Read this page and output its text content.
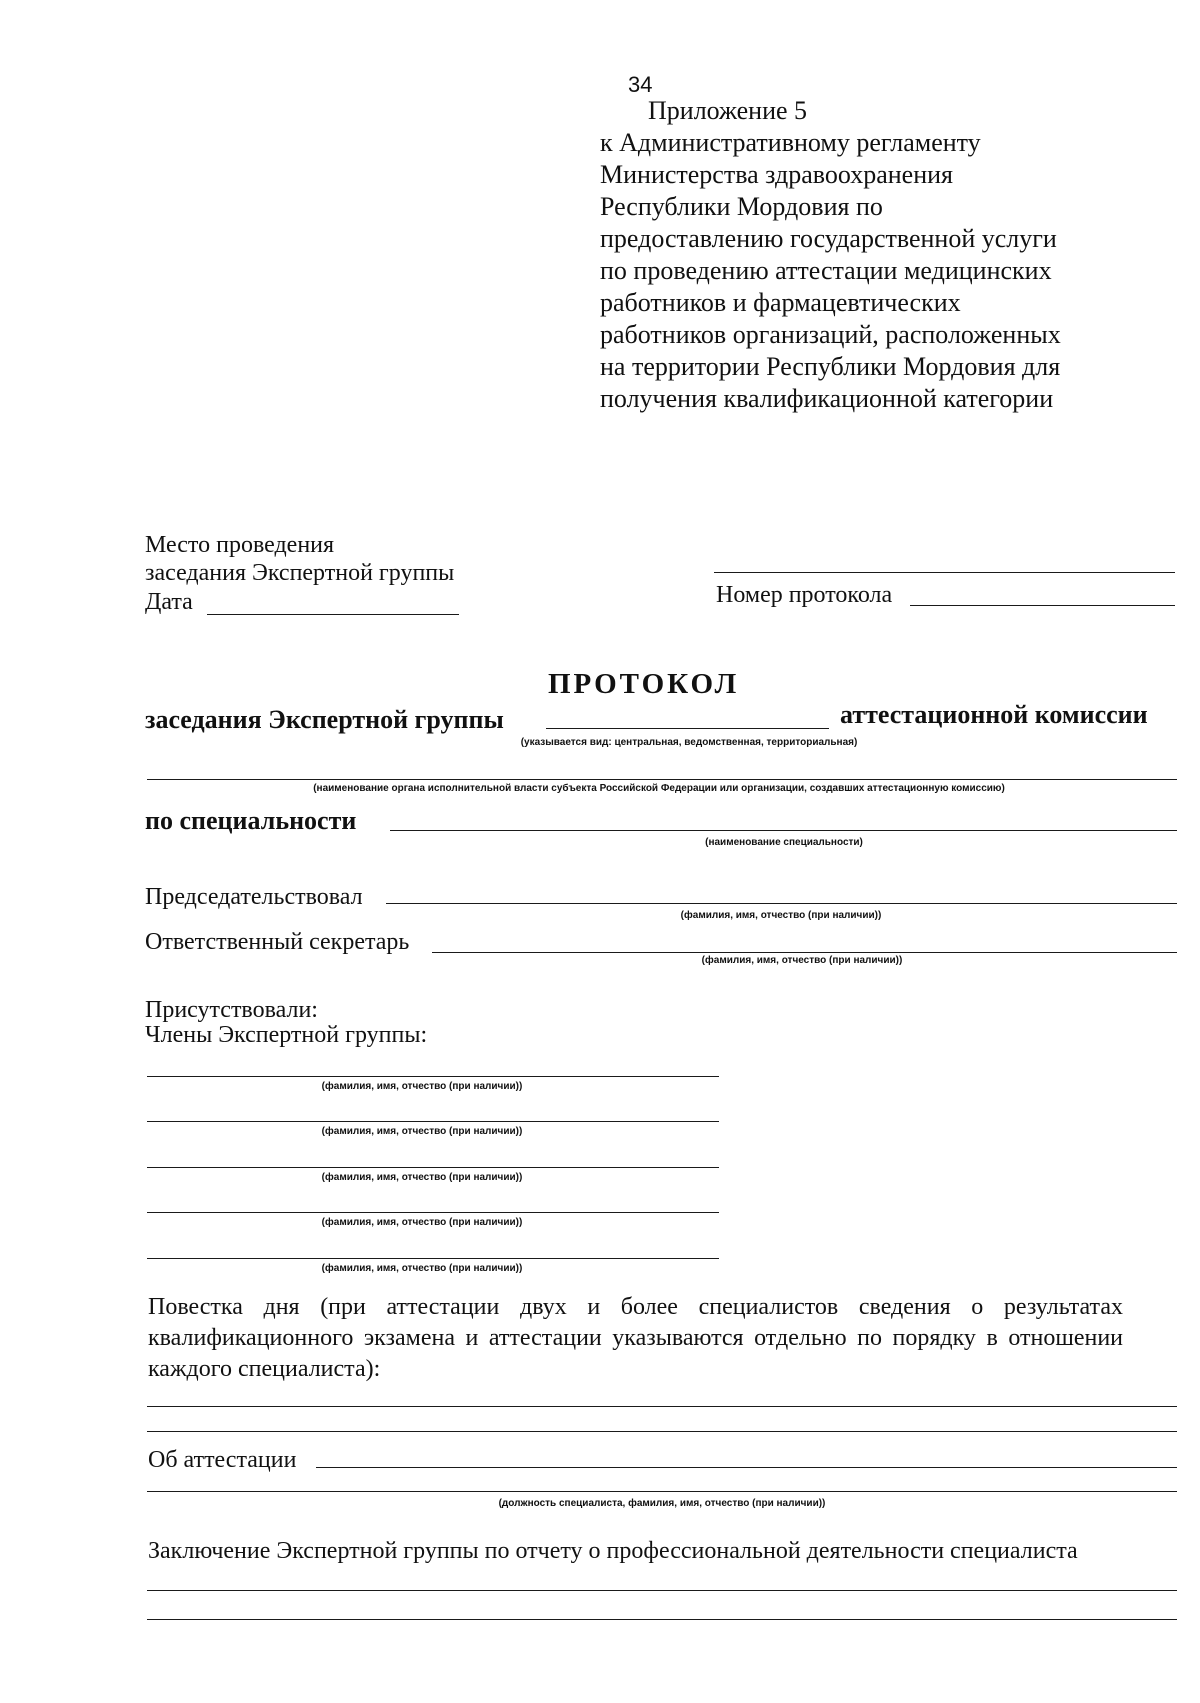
34
Приложение 5
к Административному регламенту
Министерства здравоохранения
Республики Мордовия по
предоставлению государственной услуги
по проведению аттестации медицинских
работников и фармацевтических
работников организаций, расположенных
на территории Республики Мордовия для
получения квалификационной категории
Место проведения
заседания Экспертной группы
Дата	Номер протокола
ПРОТОКОЛ
заседания Экспертной группы	аттестационной комиссии
(указывается вид: центральная, ведомственная, территориальная)
(наименование органа исполнительной власти субъекта Российской Федерации или организации, создавших аттестационную комиссию)
по специальности
(наименование специальности)
Председательствовал
(фамилия, имя, отчество (при наличии))
Ответственный секретарь
(фамилия, имя, отчество (при наличии))
Присутствовали:
Члены Экспертной группы:
(фамилия, имя, отчество (при наличии))
(фамилия, имя, отчество (при наличии))
(фамилия, имя, отчество (при наличии))
(фамилия, имя, отчество (при наличии))
(фамилия, имя, отчество (при наличии))
Повестка дня (при аттестации двух и более специалистов сведения о результатах квалификационного экзамена и аттестации указываются отдельно по порядку в отношении каждого специалиста):
Об аттестации
(должность специалиста, фамилия, имя, отчество (при наличии))
Заключение Экспертной группы по отчету о профессиональной деятельности специалиста
